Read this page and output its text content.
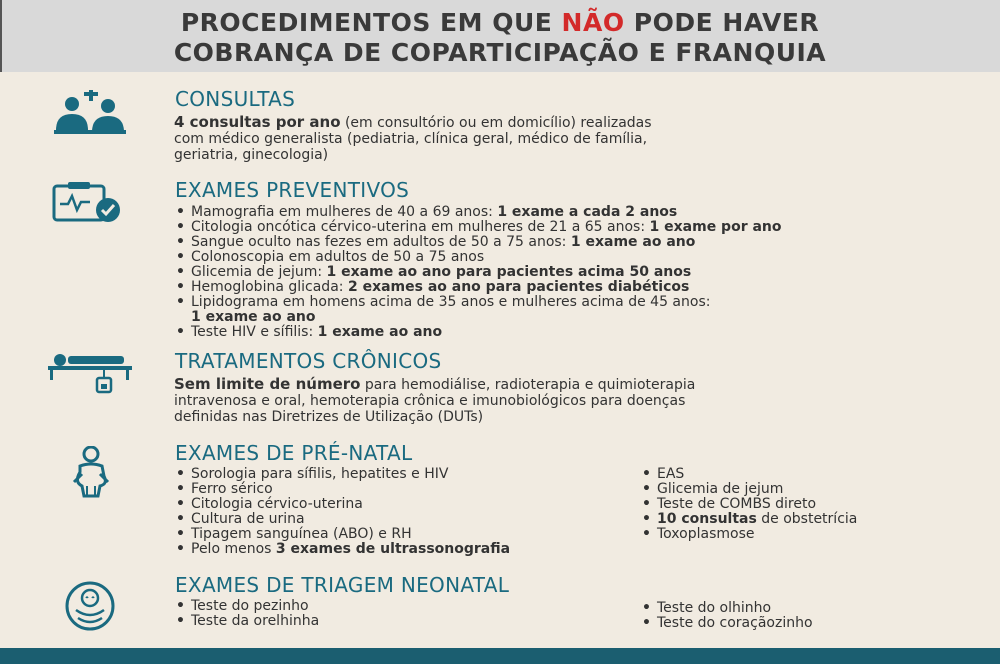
PROCEDIMENTOS EM QUE NÃO PODE HAVER
COBRANÇA DE COPARTICIPAÇÃO E FRANQUIA
CONSULTAS
4 consultas por ano (em consultório ou em domicílio) realizadas
com médico generalista (pediatria, clínica geral, médico de família,
geriatria, ginecologia)
EXAMES PREVENTIVOS
• Mamografia em mulheres de 40 a 69 anos: 1 exame a cada 2 anos
• Citologia oncótica cérvico-uterina em mulheres de 21 a 65 anos: 1 exame por ano
• Sangue oculto nas fezes em adultos de 50 a 75 anos: 1 exame ao ano
• Colonoscopia em adultos de 50 a 75 anos
• Glicemia de jejum: 1 exame ao ano para pacientes acima 50 anos
• Hemoglobina glicada: 2 exames ao ano para pacientes diabéticos
• Lipidograma em homens acima de 35 anos e mulheres acima de 45 anos:
1 exame ao ano
• Teste HIV e sífilis: 1 exame ao ano
TRATAMENTOS CRÔNICOS
Sem limite de número para hemodiálise, radioterapia e quimioterapia
intravenosa e oral, hemoterapia crônica e imunobiológicos para doenças
definidas nas Diretrizes de Utilização (DUTs)
EXAMES DE PRÉ-NATAL
• Sorologia para sífilis, hepatites e HIV
• Ferro sérico
• Citologia cérvico-uterina
• Cultura de urina
• Tipagem sanguínea (ABO) e RH
• Pelo menos 3 exames de ultrassonografia
• EAS
• Glicemia de jejum
• Teste de COMBS direto
• 10 consultas de obstetrícia
• Toxoplasmose
EXAMES DE TRIAGEM NEONATAL
• Teste do pezinho
• Teste da orelhinha
• Teste do olhinho
• Teste do coraçãozinho
